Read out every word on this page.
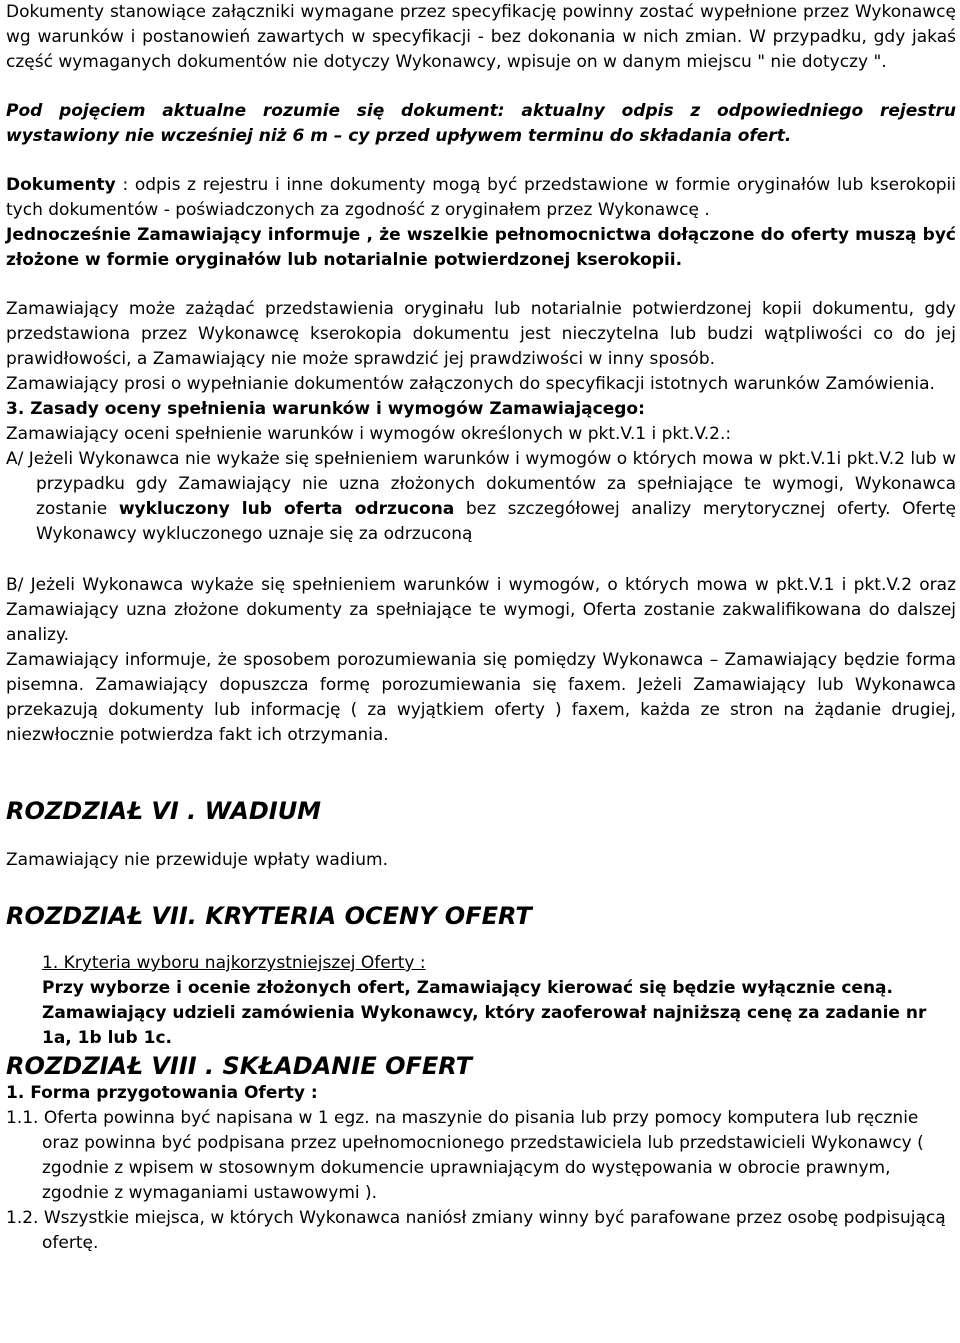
Dokumenty stanowiące załączniki wymagane przez specyfikację powinny zostać wypełnione przez Wykonawcę wg warunków i postanowień zawartych w specyfikacji - bez dokonania w nich zmian. W przypadku, gdy jakaś część wymaganych dokumentów nie dotyczy Wykonawcy, wpisuje on w danym miejscu " nie dotyczy ".

Pod pojęciem aktualne rozumie się dokument: aktualny odpis z odpowiedniego rejestru wystawiony nie wcześniej niż 6 m – cy przed upływem terminu do składania ofert.

Dokumenty : odpis z rejestru i inne dokumenty mogą być przedstawione w formie oryginałów lub kserokopii tych dokumentów - poświadczonych za zgodność z oryginałem przez Wykonawcę .

Jednocześnie Zamawiający informuje , że wszelkie pełnomocnictwa dołączone do oferty muszą być złożone w formie oryginałów lub notarialnie potwierdzonej kserokopii.

Zamawiający może zażądać przedstawienia oryginału lub notarialnie potwierdzonej kopii dokumentu, gdy przedstawiona przez Wykonawcę kserokopia dokumentu jest nieczytelna lub budzi wątpliwości co do jej prawidłowości, a Zamawiający nie może sprawdzić jej prawdziwości w inny sposób.

Zamawiający prosi o wypełnianie dokumentów załączonych do specyfikacji istotnych warunków Zamówienia.

3. Zasady oceny spełnienia warunków i wymogów Zamawiającego:

Zamawiający oceni spełnienie warunków i wymogów określonych w pkt.V.1 i pkt.V.2.:

A/ Jeżeli Wykonawca nie wykaże się spełnieniem warunków i wymogów o których mowa w pkt.V.1i pkt.V.2 lub w przypadku gdy Zamawiający nie uzna złożonych dokumentów za spełniające te wymogi, Wykonawca zostanie wykluczony lub oferta odrzucona bez szczegółowej analizy merytorycznej oferty. Ofertę Wykonawcy wykluczonego uznaje się za odrzuconą

B/ Jeżeli Wykonawca wykaże się spełnieniem warunków i wymogów, o których mowa w pkt.V.1 i pkt.V.2 oraz Zamawiający uzna złożone dokumenty za spełniające te wymogi, Oferta zostanie zakwalifikowana do dalszej analizy.

Zamawiający informuje, że sposobem porozumiewania się pomiędzy Wykonawca – Zamawiający będzie forma pisemna. Zamawiający dopuszcza formę porozumiewania się faxem. Jeżeli Zamawiający lub Wykonawca przekazują dokumenty lub informację ( za wyjątkiem oferty ) faxem, każda ze stron na żądanie drugiej, niezwłocznie potwierdza fakt ich otrzymania.

ROZDZIAŁ VI . WADIUM

Zamawiający nie przewiduje wpłaty wadium.

ROZDZIAŁ VII. KRYTERIA OCENY OFERT

1. Kryteria wyboru najkorzystniejszej Oferty :

Przy wyborze i ocenie złożonych ofert, Zamawiający kierować się będzie wyłącznie ceną. Zamawiający udzieli zamówienia Wykonawcy, który zaoferował najniższą cenę za zadanie nr 1a, 1b lub 1c.

ROZDZIAŁ VIII . SKŁADANIE OFERT

1. Forma przygotowania Oferty :

1.1. Oferta powinna być napisana w 1 egz. na maszynie do pisania lub przy pomocy komputera lub ręcznie oraz powinna być podpisana przez upełnomocnionego przedstawiciela lub przedstawicieli Wykonawcy ( zgodnie z wpisem w stosownym dokumencie uprawniającym do występowania w obrocie prawnym, zgodnie z wymaganiami ustawowymi ).

1.2. Wszystkie miejsca, w których Wykonawca naniósł zmiany winny być parafowane przez osobę podpisującą ofertę.
